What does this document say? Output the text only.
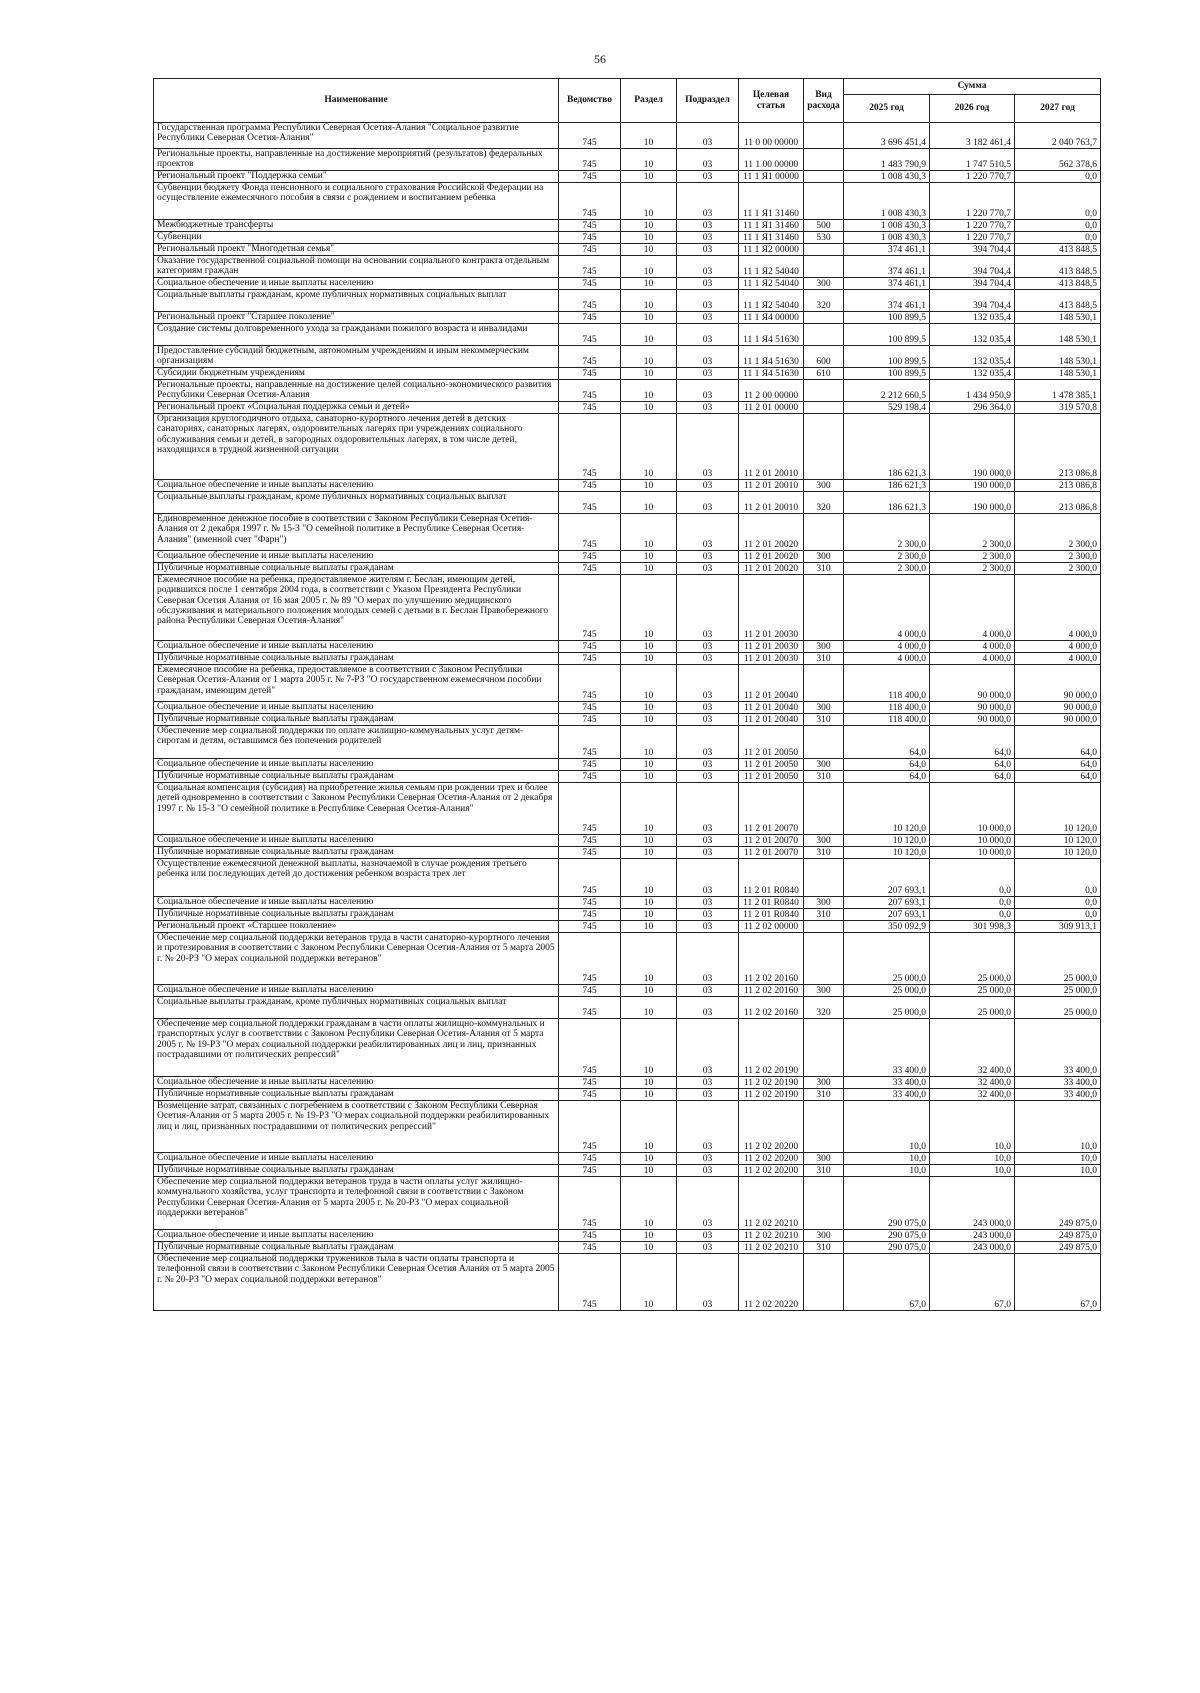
56
Наименование	Ведомство	Раздел	Подраздел	Целевая статья	Вид расхода	Сумма		
						2025 год	2026 год	2027 год
Государственная программа Республики Северная Осетия-Алания "Социальное развитие Республики Северная Осетия-Алания"	745	10	03	11 0 00 00000		3 696 451,4	3 182 461,4	2 040 763,7
Региональные проекты, направленные на достижение мероприятий (результатов) федеральных проектов	745	10	03	11 1 00 00000		1 483 790,9	1 747 510,5	562 378,6
Региональный проект "Поддержка семьи"	745	10	03	11 1 Я1 00000		1 008 430,3	1 220 770,7	0,0
Субвенции бюджету Фонда пенсионного и социального страхования Российской Федерации на осуществление ежемесячного пособия в связи с рождением и воспитанием ребенка	745	10	03	11 1 Я1 31460		1 008 430,3	1 220 770,7	0,0
Межбюджетные трансферты	745	10	03	11 1 Я1 31460	500	1 008 430,3	1 220 770,7	0,0
Субвенции	745	10	03	11 1 Я1 31460	530	1 008 430,3	1 220 770,7	0,0
Региональный проект "Многодетная семья"	745	10	03	11 1 Я2 00000		374 461,1	394 704,4	413 848,5
Оказание государственной социальной помощи на основании социального контракта отдельным категориям граждан	745	10	03	11 1 Я2 54040		374 461,1	394 704,4	413 848,5
Социальное обеспечение и иные выплаты населению	745	10	03	11 1 Я2 54040	300	374 461,1	394 704,4	413 848,5
Социальные выплаты гражданам, кроме публичных нормативных социальных выплат	745	10	03	11 1 Я2 54040	320	374 461,1	394 704,4	413 848,5
Региональный проект "Старшее поколение"	745	10	03	11 1 Я4 00000		100 899,5	132 035,4	148 530,1
Создание системы долговременного ухода за гражданами пожилого возраста и инвалидами	745	10	03	11 1 Я4 51630		100 899,5	132 035,4	148 530,1
Предоставление субсидий бюджетным, автономным учреждениям и иным некоммерческим организациям	745	10	03	11 1 Я4 51630	600	100 899,5	132 035,4	148 530,1
Субсидии бюджетным учреждениям	745	10	03	11 1 Я4 51630	610	100 899,5	132 035,4	148 530,1
Региональные проекты, направленные на достижение целей социально-экономического развития Республики Северная Осетия-Алания	745	10	03	11 2 00 00000		2 212 660,5	1 434 950,9	1 478 385,1
Региональный проект «Социальная поддержка семьи и детей»	745	10	03	11 2 01 00000		529 198,4	296 364,0	319 570,8
Организация круглогодичного отдыха, санаторно-курортного лечения детей в детских санаториях, санаторных лагерях, оздоровительных лагерях при учреждениях социального обслуживания семьи и детей, в загородных оздоровительных лагерях, в том числе детей, находящихся в трудной жизненной ситуации	745	10	03	11 2 01 20010		186 621,3	190 000,0	213 086,8
Социальное обеспечение и иные выплаты населению	745	10	03	11 2 01 20010	300	186 621,3	190 000,0	213 086,8
Социальные выплаты гражданам, кроме публичных нормативных социальных выплат	745	10	03	11 2 01 20010	320	186 621,3	190 000,0	213 086,8
Единовременное денежное пособие в соответствии с Законом Республики Северная Осетия-Алания от 2 декабря 1997 г. № 15-З "О семейной политике в Республике Северная Осетия-Алания" (именной счет "Фарн")	745	10	03	11 2 01 20020		2 300,0	2 300,0	2 300,0
Социальное обеспечение и иные выплаты населению	745	10	03	11 2 01 20020	300	2 300,0	2 300,0	2 300,0
Публичные нормативные социальные выплаты гражданам	745	10	03	11 2 01 20020	310	2 300,0	2 300,0	2 300,0
Ежемесячное пособие на ребенка, предоставляемое жителям г. Беслан, имеющим детей, родившихся после 1 сентября 2004 года, в соответствии с Указом Президента Республики Северная Осетия Алания от 16 мая 2005 г. № 89 "О мерах по улучшению медицинского обслуживания и материального положения молодых семей с детьми в г. Беслан Правобережного района Республики Северная Осетия-Алания"	745	10	03	11 2 01 20030		4 000,0	4 000,0	4 000,0
Социальное обеспечение и иные выплаты населению	745	10	03	11 2 01 20030	300	4 000,0	4 000,0	4 000,0
Публичные нормативные социальные выплаты гражданам	745	10	03	11 2 01 20030	310	4 000,0	4 000,0	4 000,0
Ежемесячное пособие на ребенка, предоставляемое в соответствии с Законом Республики Северная Осетия-Алания от 1 марта 2005 г. № 7-РЗ "О государственном ежемесячном пособии гражданам, имеющим детей"	745	10	03	11 2 01 20040		118 400,0	90 000,0	90 000,0
Социальное обеспечение и иные выплаты населению	745	10	03	11 2 01 20040	300	118 400,0	90 000,0	90 000,0
Публичные нормативные социальные выплаты гражданам	745	10	03	11 2 01 20040	310	118 400,0	90 000,0	90 000,0
Обеспечение мер социальной поддержки по оплате жилищно-коммунальных услуг детям-сиротам и детям, оставшимся без попечения родителей	745	10	03	11 2 01 20050		64,0	64,0	64,0
Социальное обеспечение и иные выплаты населению	745	10	03	11 2 01 20050	300	64,0	64,0	64,0
Публичные нормативные социальные выплаты гражданам	745	10	03	11 2 01 20050	310	64,0	64,0	64,0
Социальная компенсация (субсидия) на приобретение жилья семьям при рождении трех и более детей одновременно в соответствии с Законом Республики Северная Осетия-Алания от 2 декабря 1997 г. № 15-З "О семейной политике в Республике Северная Осетия-Алания"	745	10	03	11 2 01 20070		10 120,0	10 000,0	10 120,0
Социальное обеспечение и иные выплаты населению	745	10	03	11 2 01 20070	300	10 120,0	10 000,0	10 120,0
Публичные нормативные социальные выплаты гражданам	745	10	03	11 2 01 20070	310	10 120,0	10 000,0	10 120,0
Осуществление ежемесячной денежной выплаты, назначаемой в случае рождения третьего ребенка или последующих детей до достижения ребенком возраста трех лет	745	10	03	11 2 01 R0840		207 693,1	0,0	0,0
Социальное обеспечение и иные выплаты населению	745	10	03	11 2 01 R0840	300	207 693,1	0,0	0,0
Публичные нормативные социальные выплаты гражданам	745	10	03	11 2 01 R0840	310	207 693,1	0,0	0,0
Региональный проект «Старшее поколение»	745	10	03	11 2 02 00000		350 092,9	301 998,3	309 913,1
Обеспечение мер социальной поддержки ветеранов труда в части санаторно-курортного лечения и протезирования в соответствии с Законом Республики Северная Осетия-Алания от 5 марта 2005 г. № 20-РЗ "О мерах социальной поддержки ветеранов"	745	10	03	11 2 02 20160		25 000,0	25 000,0	25 000,0
Социальное обеспечение и иные выплаты населению	745	10	03	11 2 02 20160	300	25 000,0	25 000,0	25 000,0
Социальные выплаты гражданам, кроме публичных нормативных социальных выплат	745	10	03	11 2 02 20160	320	25 000,0	25 000,0	25 000,0
Обеспечение мер социальной поддержки гражданам в части оплаты жилищно-коммунальных и транспортных услуг в соответствии с Законом Республики Северная Осетия-Алания от 5 марта 2005 г. № 19-РЗ "О мерах социальной поддержки реабилитированных лиц и лиц, признанных пострадавшими от политических репрессий"	745	10	03	11 2 02 20190		33 400,0	32 400,0	33 400,0
Социальное обеспечение и иные выплаты населению	745	10	03	11 2 02 20190	300	33 400,0	32 400,0	33 400,0
Публичные нормативные социальные выплаты гражданам	745	10	03	11 2 02 20190	310	33 400,0	32 400,0	33 400,0
Возмещение затрат, связанных с погребением в соответствии с Законом Республики Северная Осетия-Алания от 5 марта 2005 г. № 19-РЗ "О мерах социальной поддержки реабилитированных лиц и лиц, признанных пострадавшими от политических репрессий"	745	10	03	11 2 02 20200		10,0	10,0	10,0
Социальное обеспечение и иные выплаты населению	745	10	03	11 2 02 20200	300	10,0	10,0	10,0
Публичные нормативные социальные выплаты гражданам	745	10	03	11 2 02 20200	310	10,0	10,0	10,0
Обеспечение мер социальной поддержки ветеранов труда в части оплаты услуг жилищно-коммунального хозяйства, услуг транспорта и телефонной связи в соответствии с Законом Республики Северная Осетия-Алания от 5 марта 2005 г. № 20-РЗ "О мерах социальной поддержки ветеранов"	745	10	03	11 2 02 20210		290 075,0	243 000,0	249 875,0
Социальное обеспечение и иные выплаты населению	745	10	03	11 2 02 20210	300	290 075,0	243 000,0	249 875,0
Публичные нормативные социальные выплаты гражданам	745	10	03	11 2 02 20210	310	290 075,0	243 000,0	249 875,0
Обеспечение мер социальной поддержки тружеников тыла в части оплаты транспорта и телефонной связи в соответствии с Законом Республики Северная Осетия Алания от 5 марта 2005 г. № 20-РЗ "О мерах социальной поддержки ветеранов"	745	10	03	11 2 02 20220		67,0	67,0	67,0
